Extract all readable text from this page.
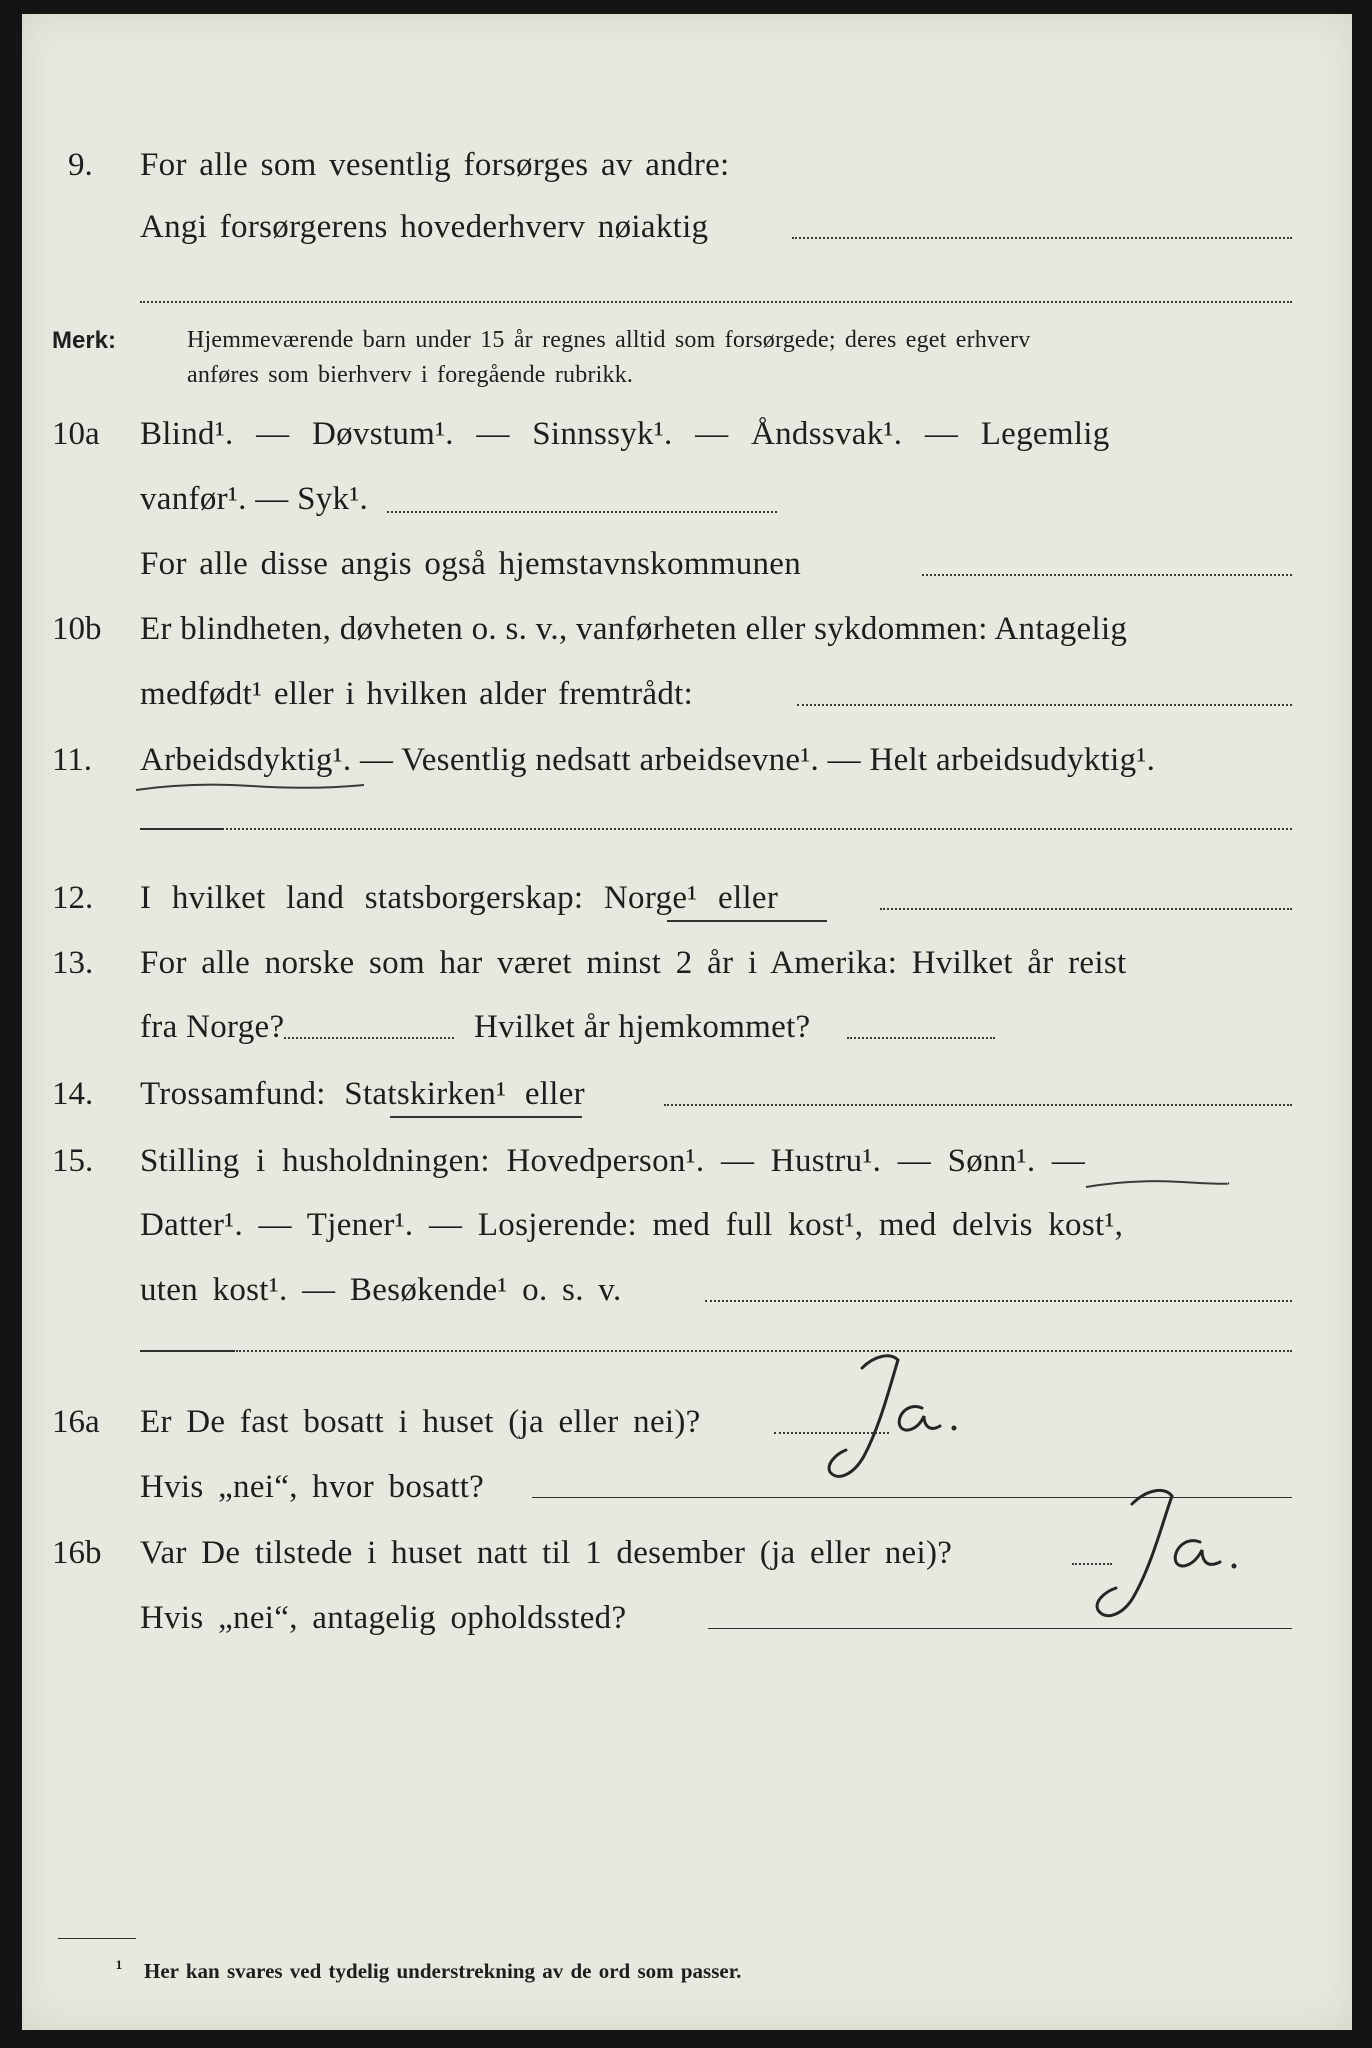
9. For alle som vesentlig forsørges av andre:
Angi forsørgerens hovederhverv nøiaktig
Merk:	Hjemmeværende barn under 15 år regnes alltid som forsørgede; deres eget erhverv
anføres som bierhverv i foregående rubrikk.
10a Blind¹. — Døvstum¹. — Sinnssyk¹. — Åndssvak¹. — Legemlig
vanfør¹. — Syk¹.
For alle disse angis også hjemstavnskommunen
10b Er blindheten, døvheten o. s. v., vanførheten eller sykdommen: Antagelig
medfødt¹ eller i hvilken alder fremtrådt:
11. Arbeidsdyktig¹. — Vesentlig nedsatt arbeidsevne¹. — Helt arbeidsudyktig¹.
12. I hvilket land statsborgerskap: Norge¹ eller
13. For alle norske som har været minst 2 år i Amerika: Hvilket år reist
fra Norge?	Hvilket år hjemkommet?
14. Trossamfund: Statskirken¹ eller
15. Stilling i husholdningen: Hovedperson¹. — Hustru¹. — Sønn¹. —
Datter¹. — Tjener¹. — Losjerende: med full kost¹, med delvis kost¹,
uten kost¹. — Besøkende¹ o. s. v.
16a Er De fast bosatt i huset (ja eller nei)?
Hvis „nei“, hvor bosatt?
16b Var De tilstede i huset natt til 1 desember (ja eller nei)?
Hvis „nei“, antagelig opholdssted?
¹ Her kan svares ved tydelig understrekning av de ord som passer.
